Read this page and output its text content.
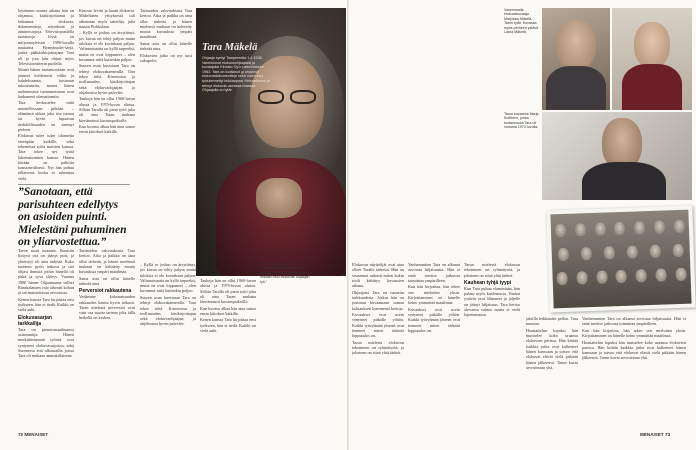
kestäneen uransa aikana hän on ohjannut, käsikirjoittanut ja leikannut elokuvia, dokumentteja, näytelmiä ja ääniteosarjoja. Televisiopuolella tuotantoja löytä on miljoonayleisön 1980-luvulla nauttanut Hymyhuulet-sarja, jonka pääkäsikirjoittajana Tara oli ja jota hän ohjasi myös Televisioteatterin puolella.

Monet hänen tuotantoistaan ovat jääneet kielteisesti väliin ja kahdeksaanta, toisinaan tuhoutuneita, monet hänen uudemmista tuotannoistaan ovat kadonneet olemattomiin.

Tara keskustelee niitä muistellessaan pitkään – elämänsä uhkaa joko itse tuonut tai hyvin lupaavan mahdollisuuden on mennyt pieleen.

Elokuvat tulee tulee tilannetta eteenpäin kaikille, sekä tekemässä työtä muisten kanssa. Tara tekee nyt työtä lukemattomien kanssa. Hänen töitään on palkittu kansainvälisesti. Nyt hän puhuu tällaisesta koska se aiheuttaa vielä.

Kinosto levitti ja hautti elokuvia. Mäkeliäsen yrityksestä tuli aikoinaan myös taiteilija, joka muutti Pirkkalaan.

– Kyllä se joskus on ärsyttänyt, jos kuvaa on tehty paljon mutta tuloksia ei ole kovinkaan paljon. Valinnaisuutta on kyllä tarpeeksi, mutta ne ovat loppuneet – olen kuvannut niitä kuitenkin paljon.

Suuren osan kuvistaan Tara on tehnyt elokuvakameralla. Tara tekee töitä Kinostossa ja teollisuuden, käsikirjoittajan sekä elokuvaohjaajan, ja ohjelmissa hyvin palvelee.

Taukoja hän on ollut 1960-luvun alussa ja 1970-luvun alussa. Silloin Taralla oli pieni tyttö joka oli aina Taran mukana kiertämässä kuvauspaikoille.

Kun kuvaus alkaa hän aina sanoo ensin kiitokset kaikille.

Tarinoiden vahvuuksista Tara kertoo. Aika ja paikka on aina ollut tärkeää, ja hänen mielensä mukaan on kehitetty monia kuvauksia ympäri maailmaa.

Sama asia on ollut hänelle tärkeää aina.

Elokuvien jatko on nyt uusi sukupolvi.

”Sanotaan, että parisuhteen edellytys on asioiden puinti. Mielestäni puhuminen on yliarvostettua.”

Tarun suuri tuotanto. Ihmisiin liittyvä osa on jäänyt pois, ja yhteistyö oli aina tärkeää. Koko tuotanto pyöri tarkasti ja sitä ohjasi ihmisiä joihin hänellä oli pitkä ja syvä yhteys. Vuonna 1980 hänen Ohjaamansa trilleri Ranskalainen valo aiheutti kohun ja sai muistettavaa arvostusta.

Kenen kanssa Tara kirjoittaa ensi työkseen, hän ei tiedä. Kaikki on vielä auki.

Elokuvasarjan tarkkailija

Tara on pienoismaailmansa asiantuntija. Hänen merkittävimmät työnsä ovat syntyneet elokuvasarjoissa, sekä Suomessa että ulkomailla joissa Tara oli mukana ammattilaisena.

Tarinoiden vahvuuksista Tara kertoo. Aika ja paikka on aina ollut tärkeää, ja hänen mielensä mukaan on kehitetty monia kuvauksia ympäri maailmaa.

Sama asia on ollut hänelle tärkeää aina.

Perversiot rakkautena

Vedämme kokonaisuuden rakkauden kautta hyvin tarkasti. Taran mielestä perversiot ovat vain osa suurta tarinaa joka tällä hetkellä on kesken.

– Kyllä se joskus on ärsyttänyt, jos kuvaa on tehty paljon mutta tuloksia ei ole kovinkaan paljon. Valinnaisuutta on kyllä tarpeeksi, mutta ne ovat loppuneet – olen kuvannut niitä kuitenkin paljon.

Suuren osan kuvistaan Tara on tehnyt elokuvakameralla. Tara tekee töitä Kinostossa ja teollisuuden, käsikirjoittajan sekä elokuvaohjaajan, ja ohjelmissa hyvin palvelee.

Taukoja hän on ollut 1960-luvun alussa ja 1970-luvun alussa. Silloin Taralla oli pieni tyttö joka oli aina Taran mukana kiertämässä kuvauspaikoille.

Kun kuvaus alkaa hän aina sanoo ensin kiitokset kaikille.

Kenen kanssa Tara kirjoittaa ensi työkseen, hän ei tiedä. Kaikki on vielä auki.

Tara Mäkelä
Ohjaaja syntyi Tampereella 1.4.1938. Valmistunut elokuvaohjaajaksi ja kuvaajaksi Kinosto Oy:n palvelukseen 1963. Tara on tuottanut ja ohjannut elokuvadokumentteja sekä mainoksia, työskennellyt leikkaajana Yleisradiossa ja tehnyt elokuvia useassa maassa. Ohjaajalla on tytär.
”Omaksi päätöksi ovat vaihtuneet elokuvakameran kanssa. Se on helpompaa kuin mikään muu elokuvan ohjaajan työ.”

Elokuvan näyttelijät ovat aina olleet Taralle tärkeitä. Hän on seurannut tarkasti miten kukin rooli kehittyy kuvausten aikana.

Ohjaajana Tara on tunnettu tarkkuudesta. Joskus hän on joutunut kuvaamaan saman kohtauksen kymmeniä kertoja.

Kuvaukset ovat usein venyneet pitkälle yöhön. Kaikki työryhmän jäsenet ovat tienneet miten tärkeää lopputulos on.

Tarun mielestä elokuvan tekeminen on ryhmätyötä, ja jokainen on siinä yhtä tärkeä.

Vanhemmiten Tara on alkanut arvostaa hiljaisuutta. Hän ei enää tarvitse jatkuvaa toimintaa ympärilleen.

Kun hän kirjoittaa, hän tekee sen mieluiten yksin. Kirjoittaminen on hänelle keino ymmärtää maailmaa.

Kuvaukset ovat usein venyneet pitkälle yöhön. Kaikki työryhmän jäsenet ovat tienneet miten tärkeää lopputulos on.

Tarun mielestä elokuvan tekeminen on ryhmätyötä, ja jokainen on siinä yhtä tärkeä.

Kauhean tyhjä tyypi

Kun Tara puhuu elämästään, hän puhuu myös kuolemasta. Vanhat ystävät ovat lähteneet ja jäljelle on jäänyt hiljaisuus. Tara kertoo olevansa valmis mutta ei vielä lopettamassa.

jaloilla leikkaudet pellon. Tara muistaa.

Haastattelun lopuksi hän muistelee koko uraansa elokuvien parissa. Hän kiittää kaikkia jotka ovat kulkeneet hänen kanssaan ja toivoo että elokuvat elävät vielä pitkään hänen jälkeensä. Tarun kuvia arvostetaan yhä.

Vanhemmiten Tara on alkanut arvostaa hiljaisuutta. Hän ei enää tarvitse jatkuvaa toimintaa ympärilleen.

Kun hän kirjoittaa, hän tekee sen mieluiten yksin. Kirjoittaminen on hänelle keino ymmärtää maailmaa.

Haastattelun lopuksi hän muistelee koko uraansa elokuvien parissa. Hän kiittää kaikkia jotka ovat kulkeneet hänen kanssaan ja toivoo että elokuvat elävät vielä pitkään hänen jälkeensä. Tarun kuvia arvostetaan yhä.

Vasemmalla elokuvakuvaaja Marjukka Mäkelä, Tarun tytär. Kuvassa myös perheen ystävä Laura Mäkelä.
Tarun kuvaama Marja Kuittinen, jonka tuotannossa Tara oli mukana 1970-luvulla.
72 MENAISET	MENAISET 73
